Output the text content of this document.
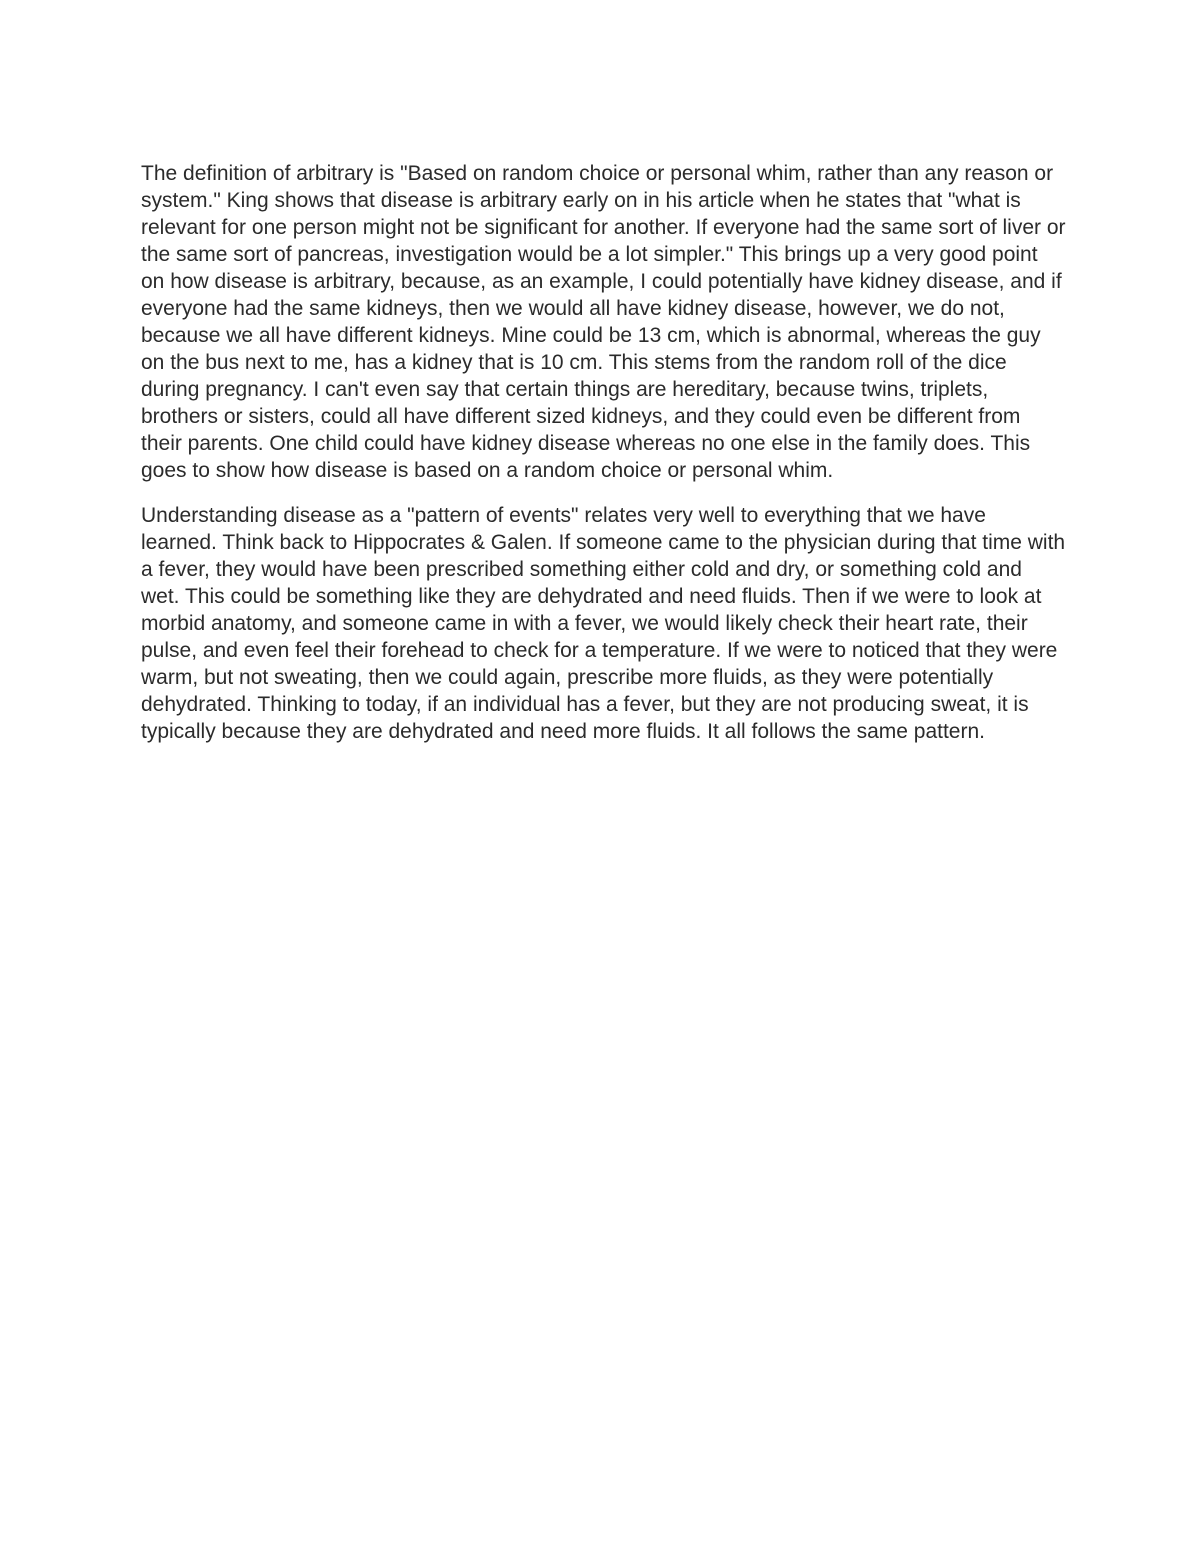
The definition of arbitrary is "Based on random choice or personal whim, rather than any reason or system." King shows that disease is arbitrary early on in his article when he states that "what is relevant for one person might not be significant for another. If everyone had the same sort of liver or the same sort of pancreas, investigation would be a lot simpler." This brings up a very good point on how disease is arbitrary, because, as an example, I could potentially have kidney disease, and if everyone had the same kidneys, then we would all have kidney disease, however, we do not, because we all have different kidneys. Mine could be 13 cm, which is abnormal, whereas the guy on the bus next to me, has a kidney that is 10 cm. This stems from the random roll of the dice during pregnancy. I can't even say that certain things are hereditary, because twins, triplets, brothers or sisters, could all have different sized kidneys, and they could even be different from their parents. One child could have kidney disease whereas no one else in the family does. This goes to show how disease is based on a random choice or personal whim.

Understanding disease as a "pattern of events" relates very well to everything that we have learned. Think back to Hippocrates & Galen. If someone came to the physician during that time with a fever, they would have been prescribed something either cold and dry, or something cold and wet. This could be something like they are dehydrated and need fluids. Then if we were to look at morbid anatomy, and someone came in with a fever, we would likely check their heart rate, their pulse, and even feel their forehead to check for a temperature. If we were to noticed that they were warm, but not sweating, then we could again, prescribe more fluids, as they were potentially dehydrated. Thinking to today, if an individual has a fever, but they are not producing sweat, it is typically because they are dehydrated and need more fluids. It all follows the same pattern.
